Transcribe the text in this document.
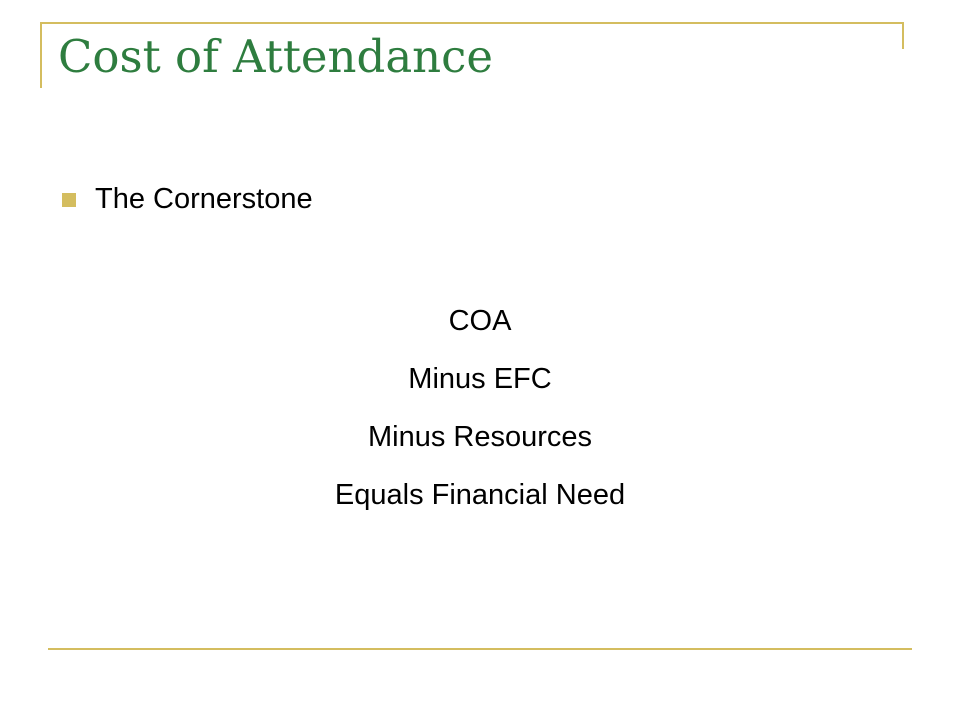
Cost of Attendance
The Cornerstone
COA
Minus EFC
Minus Resources
Equals Financial Need
